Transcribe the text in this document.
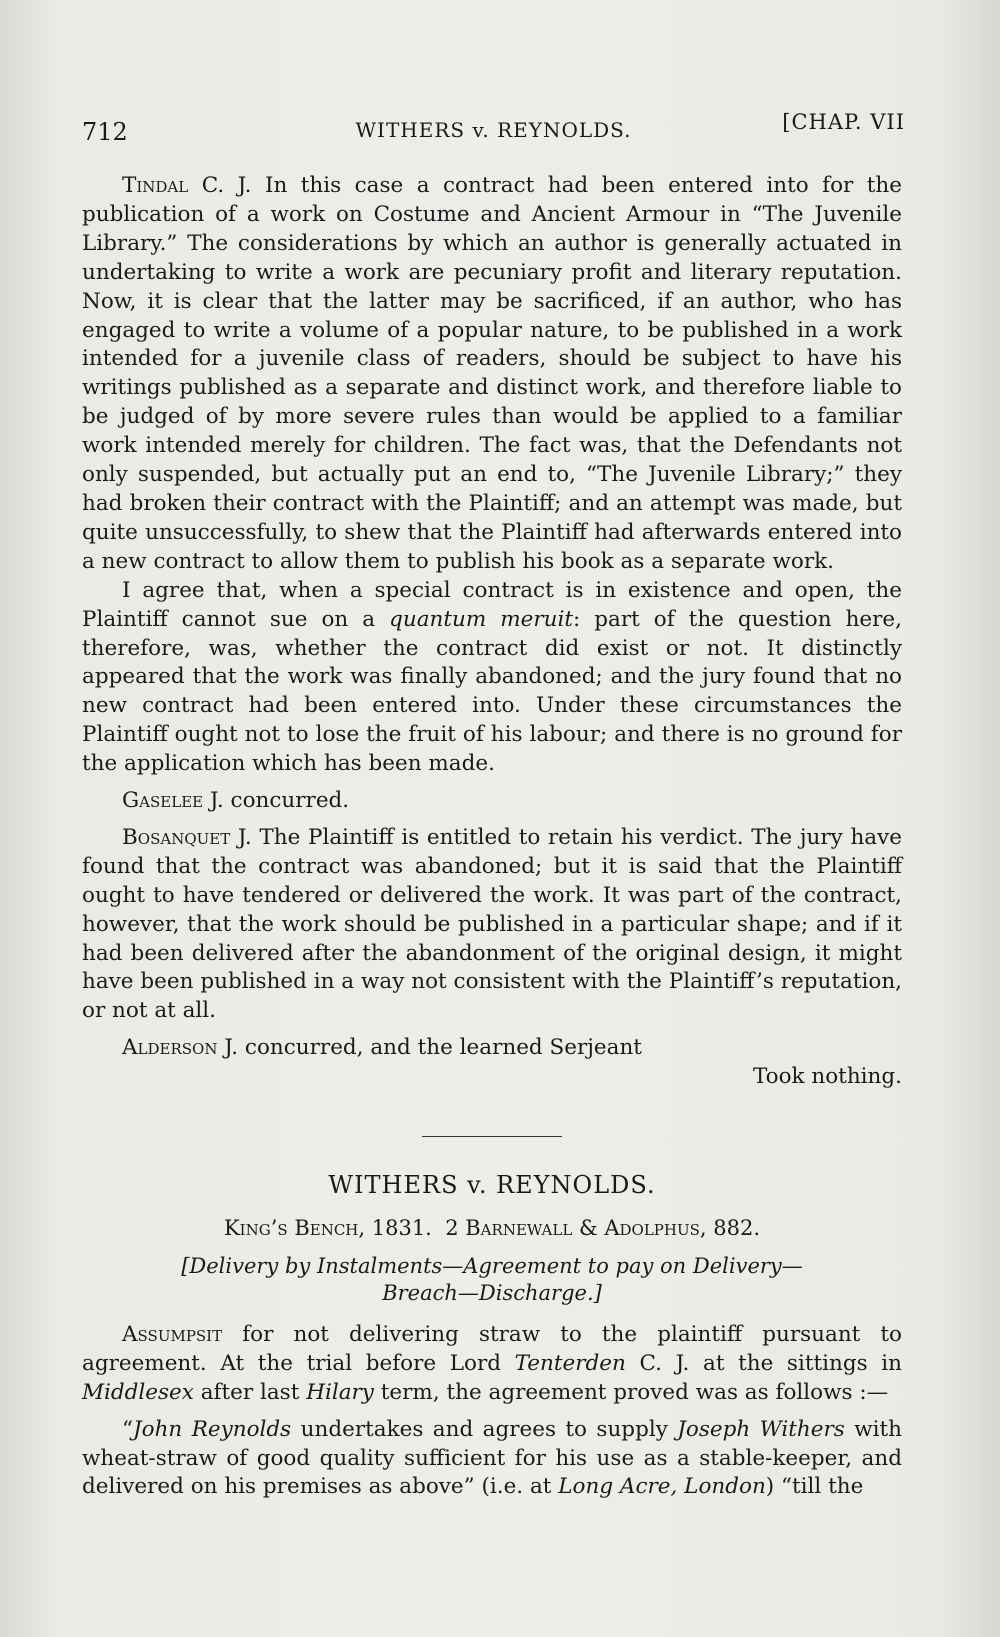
712	WITHERS v. REYNOLDS.	[CHAP. VII

Tindal C. J. In this case a contract had been entered into for the publication of a work on Costume and Ancient Armour in “The Juvenile Library.” The considerations by which an author is generally actuated in undertaking to write a work are pecuniary profit and literary reputation. Now, it is clear that the latter may be sacrificed, if an author, who has engaged to write a volume of a popular nature, to be published in a work intended for a juvenile class of readers, should be subject to have his writings published as a separate and distinct work, and therefore liable to be judged of by more severe rules than would be applied to a familiar work intended merely for children. The fact was, that the Defendants not only suspended, but actually put an end to, “The Juvenile Library;” they had broken their contract with the Plaintiff; and an attempt was made, but quite unsuccessfully, to shew that the Plaintiff had afterwards entered into a new contract to allow them to publish his book as a separate work.

I agree that, when a special contract is in existence and open, the Plaintiff cannot sue on a quantum meruit: part of the question here, therefore, was, whether the contract did exist or not. It distinctly appeared that the work was finally abandoned; and the jury found that no new contract had been entered into. Under these circumstances the Plaintiff ought not to lose the fruit of his labour; and there is no ground for the application which has been made.

Gaselee J. concurred.

Bosanquet J. The Plaintiff is entitled to retain his verdict. The jury have found that the contract was abandoned; but it is said that the Plaintiff ought to have tendered or delivered the work. It was part of the contract, however, that the work should be published in a particular shape; and if it had been delivered after the abandonment of the original design, it might have been published in a way not consistent with the Plaintiff’s reputation, or not at all.

Alderson J. concurred, and the learned Serjeant

Took nothing.

WITHERS v. REYNOLDS.
King’s Bench, 1831. 2 Barnewall & Adolphus, 882.
[Delivery by Instalments—Agreement to pay on Delivery—
Breach—Discharge.]

Assumpsit for not delivering straw to the plaintiff pursuant to agreement. At the trial before Lord Tenterden C. J. at the sittings in Middlesex after last Hilary term, the agreement proved was as follows :—

“John Reynolds undertakes and agrees to supply Joseph Withers with wheat-straw of good quality sufficient for his use as a stable-keeper, and delivered on his premises as above” (i.e. at Long Acre, London) “till the
